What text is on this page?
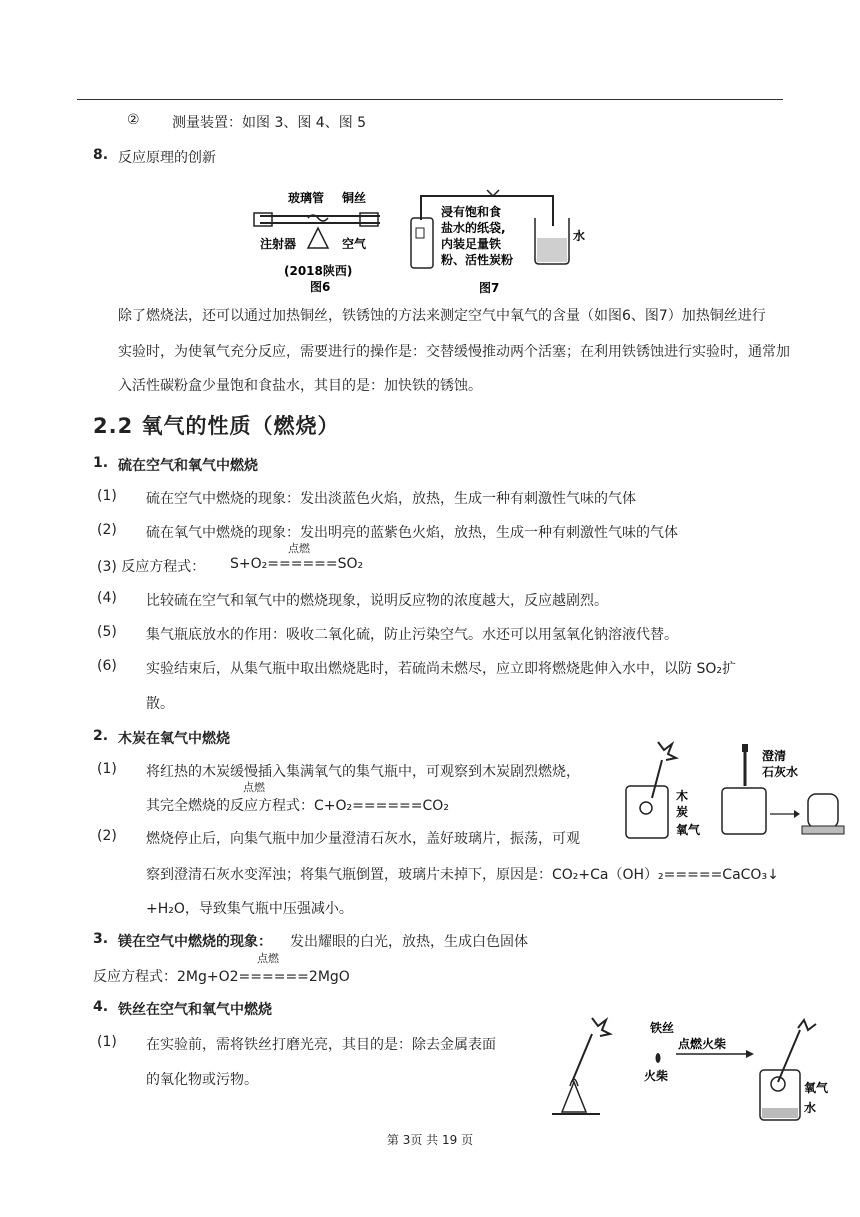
② 测量装置：如图 3、图 4、图 5
8. 反应原理的创新
玻璃管 铜丝
注射器	空气
(2018陕西)
图6
浸有饱和食
盐水的纸袋,
内装足量铁
粉、活性炭粉
水
图7
除了燃烧法，还可以通过加热铜丝，铁锈蚀的方法来测定空气中氧气的含量（如图6、图7）加热铜丝进行
实验时，为使氧气充分反应，需要进行的操作是：交替缓慢推动两个活塞；在利用铁锈蚀进行实验时，通常加
入活性碳粉盒少量饱和食盐水，其目的是：加快铁的锈蚀。
2.2 氧气的性质（燃烧）
1. 硫在空气和氧气中燃烧
(1) 硫在空气中燃烧的现象：发出淡蓝色火焰，放热，生成一种有刺激性气味的气体
(2) 硫在氧气中燃烧的现象：发出明亮的蓝紫色火焰，放热，生成一种有刺激性气味的气体
点燃
(3) 反应方程式： S+O₂======SO₂
(4) 比较硫在空气和氧气中的燃烧现象，说明反应物的浓度越大，反应越剧烈。
(5) 集气瓶底放水的作用：吸收二氧化硫，防止污染空气。水还可以用氢氧化钠溶液代替。
(6) 实验结束后，从集气瓶中取出燃烧匙时，若硫尚未燃尽，应立即将燃烧匙伸入水中，以防 SO₂扩
散。
2. 木炭在氧气中燃烧
(1) 将红热的木炭缓慢插入集满氧气的集气瓶中，可观察到木炭剧烈燃烧，
点燃
其完全燃烧的反应方程式：C+O₂======CO₂
(2) 燃烧停止后，向集气瓶中加少量澄清石灰水，盖好玻璃片，振荡，可观
察到澄清石灰水变浑浊；将集气瓶倒置，玻璃片未掉下，原因是：CO₂+Ca（OH）₂=====CaCO₃↓
+H₂O，导致集气瓶中压强减小。
木
炭
氧气
澄清
石灰水
3. 镁在空气中燃烧的现象： 发出耀眼的白光，放热，生成白色固体
点燃
反应方程式：2Mg+O2======2MgO
4. 铁丝在空气和氧气中燃烧
(1) 在实验前，需将铁丝打磨光亮，其目的是：除去金属表面
的氧化物或污物。
铁丝
火柴
点燃火柴
氧气
水
第 3页 共 19 页
